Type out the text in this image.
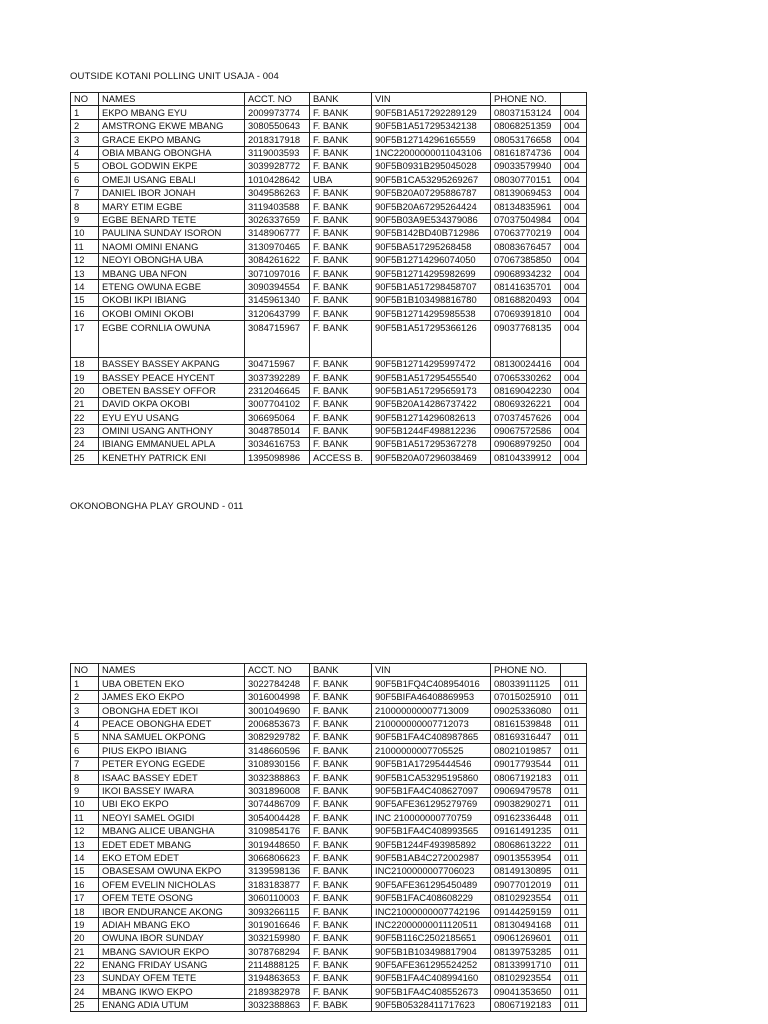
OUTSIDE KOTANI POLLING UNIT USAJA - 004
NO	NAMES	ACCT. NO	BANK	VIN	PHONE NO.	
1	EKPO MBANG EYU	2009973774	F. BANK	90F5B1A517292289129	08037153124	004
2	AMSTRONG EKWE MBANG	3080550643	F. BANK	90F5B1A517295342138	08068251359	004
3	GRACE EKPO MBANG	2018317918	F. BANK	90F5B12714296165559	08053176658	004
4	OBIA MBANG OBONGHA	3119003593	F. BANK	1NC22000000011043106	08161874736	004
5	OBOL GODWIN EKPE	3039928772	F. BANK	90F5B0931B295045028	09033579940	004
6	OMEJI USANG EBALI	1010428642	UBA	90F5B1CA53295269267	08030770151	004
7	DANIEL IBOR JONAH	3049586263	F. BANK	90F5B20A07295886787	08139069453	004
8	MARY ETIM EGBE	3119403588	F. BANK	90F5B20A67295264424	08134835961	004
9	EGBE BENARD TETE	3026337659	F. BANK	90F5B03A9E534379086	07037504984	004
10	PAULINA SUNDAY ISORON	3148906777	F. BANK	90F5B142BD40B712986	07063770219	004
11	NAOMI OMINI ENANG	3130970465	F. BANK	90F5BA517295268458	08083676457	004
12	NEOYI OBONGHA UBA	3084261622	F. BANK	90F5B12714296074050	07067385850	004
13	MBANG UBA NFON	3071097016	F. BANK	90F5B12714295982699	09068934232	004
14	ETENG OWUNA EGBE	3090394554	F. BANK	90F5B1A517298458707	08141635701	004
15	OKOBI IKPI IBIANG	3145961340	F. BANK	90F5B1B103498816780	08168820493	004
16	OKOBI OMINI OKOBI	3120643799	F. BANK	90F5B12714295985538	07069391810	004
17	EGBE CORNLIA OWUNA	3084715967	F. BANK	90F5B1A517295366126	09037768135	004
18	BASSEY BASSEY AKPANG	304715967	F. BANK	90F5B12714295997472	08130024416	004
19	BASSEY PEACE HYCENT	3037392289	F. BANK	90F5B1A517295455540	07065330262	004
20	OBETEN BASSEY OFFOR	2312046645	F. BANK	90F5B1A517295659173	08169042230	004
21	DAVID OKPA OKOBI	3007704102	F. BANK	90F5B20A14286737422	08069326221	004
22	EYU EYU USANG	306695064	F. BANK	90F5B12714296082613	07037457626	004
23	OMINI USANG ANTHONY	3048785014	F. BANK	90F5B1244F498812236	09067572586	004
24	IBIANG EMMANUEL APLA	3034616753	F. BANK	90F5B1A517295367278	09068979250	004
25	KENETHY PATRICK ENI	1395098986	ACCESS B.	90F5B20A07296038469	08104339912	004
OKONOBONGHA PLAY GROUND - 011
NO	NAMES	ACCT. NO	BANK	VIN	PHONE NO.	
1	UBA OBETEN EKO	3022784248	F. BANK	90F5B1FQ4C408954016	08033911125	011
2	JAMES EKO EKPO	3016004998	F. BANK	90F5BIFA46408869953	07015025910	011
3	OBONGHA EDET IKOI	3001049690	F. BANK	210000000007713009	09025336080	011
4	PEACE OBONGHA EDET	2006853673	F. BANK	210000000007712073	08161539848	011
5	NNA SAMUEL OKPONG	3082929782	F. BANK	90F5B1FA4C408987865	08169316447	011
6	PIUS EKPO IBIANG	3148660596	F. BANK	21000000007705525	08021019857	011
7	PETER EYONG EGEDE	3108930156	F. BANK	90F5B1A17295444546	09017793544	011
8	ISAAC BASSEY EDET	3032388863	F. BANK	90F5B1CA53295195860	08067192183	011
9	IKOI BASSEY IWARA	3031896008	F. BANK	90F5B1FA4C408627097	09069479578	011
10	UBI EKO EKPO	3074486709	F. BANK	90F5AFE361295279769	09038290271	011
11	NEOYI SAMEL OGIDI	3054004428	F. BANK	INC 210000000770759	09162336448	011
12	MBANG ALICE UBANGHA	3109854176	F. BANK	90F5B1FA4C408993565	09161491235	011
13	EDET EDET MBANG	3019448650	F. BANK	90F5B1244F493985892	08068613222	011
14	EKO ETOM EDET	3066806623	F. BANK	90F5B1AB4C272002987	09013553954	011
15	OBASESAM OWUNA EKPO	3139598136	F. BANK	INC2100000007706023	08149130895	011
16	OFEM EVELIN NICHOLAS	3183183877	F. BANK	90F5AFE361295450489	09077012019	011
17	OFEM TETE OSONG	3060110003	F. BANK	90F5B1FAC408608229	08102923554	011
18	IBOR ENDURANCE AKONG	3093266115	F. BANK	INC21000000007742196	09144259159	011
19	ADIAH MBANG EKO	3019016646	F. BANK	INC22000000011120511	08130494168	011
20	OWUNA IBOR SUNDAY	3032159980	F. BANK	90F5B116C2502185651	09061269601	011
21	MBANG SAVIOUR EKPO	3078768294	F. BANK	90F5B1B103498817904	08139753285	011
22	ENANG FRIDAY USANG	2114888125	F. BANK	90F5AFE361295524252	08133991710	011
23	SUNDAY OFEM TETE	3194863653	F. BANK	90F5B1FA4C408994160	08102923554	011
24	MBANG IKWO EKPO	2189382978	F. BANK	90F5B1FA4C408552673	09041353650	011
25	ENANG ADIA UTUM	3032388863	F. BABK	90F5B05328411717623	08067192183	011
